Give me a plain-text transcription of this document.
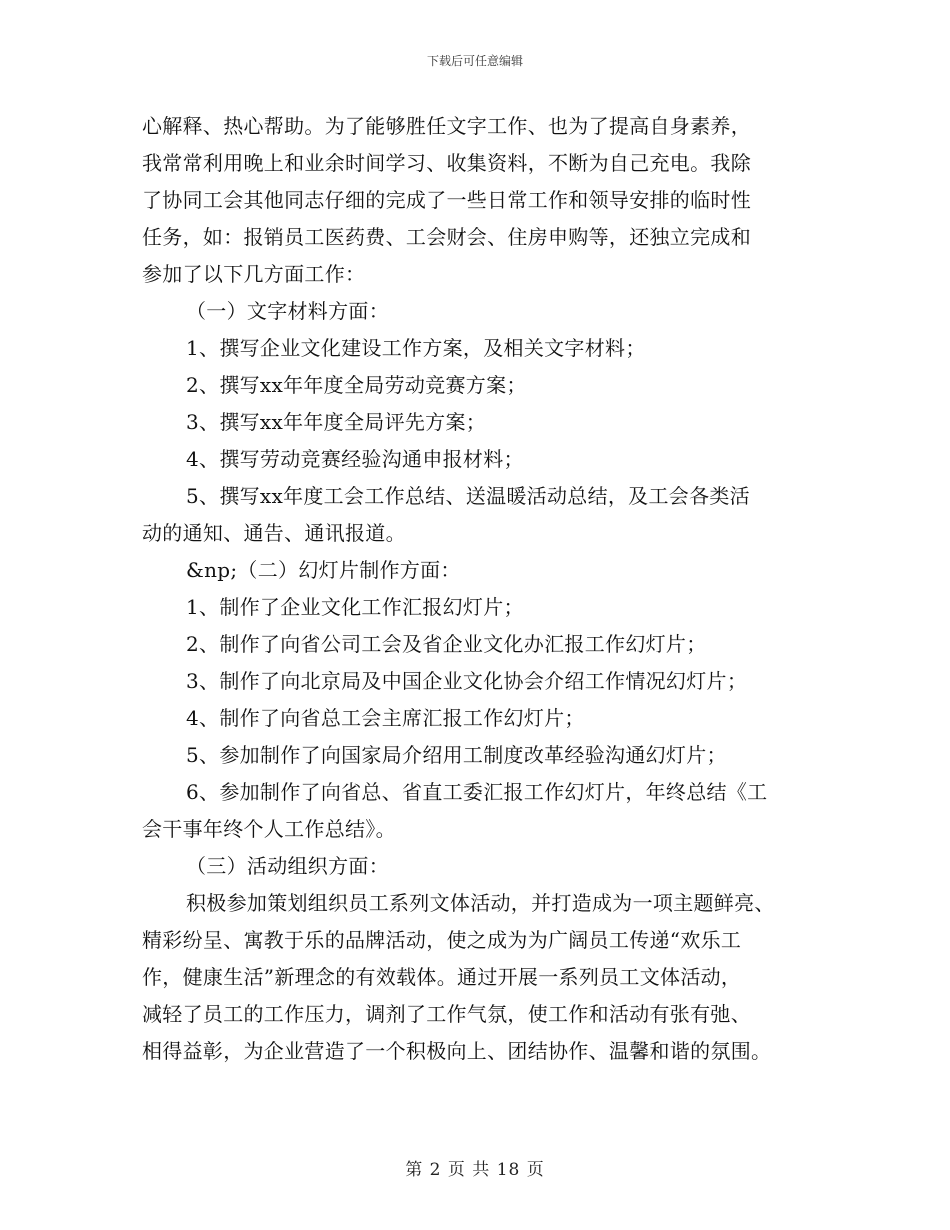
下载后可任意编辑
心解释、热心帮助。为了能够胜任文字工作、也为了提高自身素养，
我常常利用晚上和业余时间学习、收集资料，不断为自己充电。我除
了协同工会其他同志仔细的完成了一些日常工作和领导安排的临时性
任务，如：报销员工医药费、工会财会、住房申购等，还独立完成和
参加了以下几方面工作：
（一）文字材料方面：
1、撰写企业文化建设工作方案，及相关文字材料；
2、撰写xx年年度全局劳动竞赛方案；
3、撰写xx年年度全局评先方案；
4、撰写劳动竞赛经验沟通申报材料；
5、撰写xx年度工会工作总结、送温暖活动总结，及工会各类活
动的通知、通告、通讯报道。
&np;（二）幻灯片制作方面：
1、制作了企业文化工作汇报幻灯片；
2、制作了向省公司工会及省企业文化办汇报工作幻灯片；
3、制作了向北京局及中国企业文化协会介绍工作情况幻灯片；
4、制作了向省总工会主席汇报工作幻灯片；
5、参加制作了向国家局介绍用工制度改革经验沟通幻灯片；
6、参加制作了向省总、省直工委汇报工作幻灯片，年终总结《工
会干事年终个人工作总结》。
（三）活动组织方面：
积极参加策划组织员工系列文体活动，并打造成为一项主题鲜亮、
精彩纷呈、寓教于乐的品牌活动，使之成为为广阔员工传递“欢乐工
作，健康生活”新理念的有效载体。通过开展一系列员工文体活动，
减轻了员工的工作压力，调剂了工作气氛，使工作和活动有张有弛、
相得益彰，为企业营造了一个积极向上、团结协作、温馨和谐的氛围。
第 2 页 共 18 页
